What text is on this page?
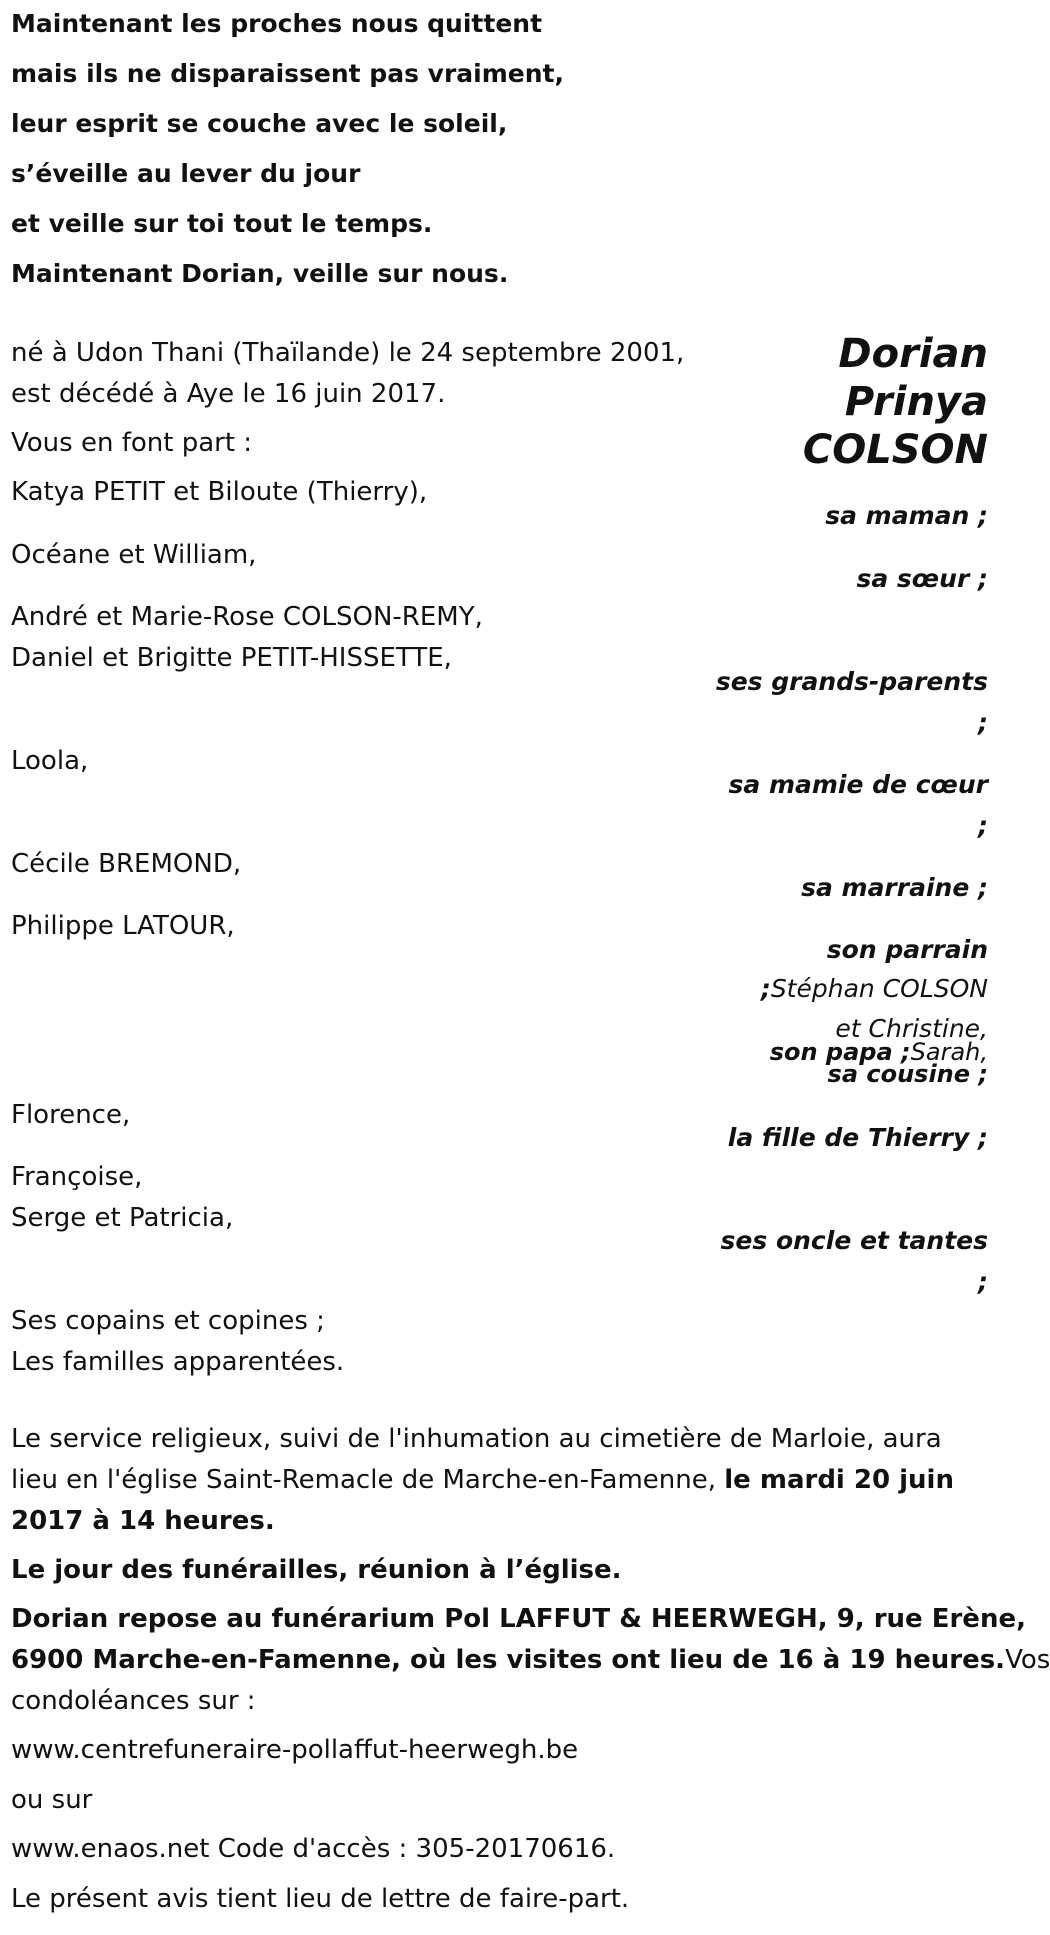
Maintenant les proches nous quittent
mais ils ne disparaissent pas vraiment,
leur esprit se couche avec le soleil,
s’éveille au lever du jour
et veille sur toi tout le temps.
Maintenant Dorian, veille sur nous.
Dorian
Prinya
COLSON
né à Udon Thani (Thaïlande) le 24 septembre 2001,
est décédé à Aye le 16 juin 2017.
Vous en font part :
Katya PETIT et Biloute (Thierry),
sa maman ;
Océane et William,
sa sœur ;
André et Marie-Rose COLSON-REMY,
Daniel et Brigitte PETIT-HISSETTE,
ses grands-parents
;
Loola,
sa mamie de cœur
;
Cécile BREMOND,
sa marraine ;
Philippe LATOUR,
son parrain
;Stéphan COLSON
et Christine,
son papa ;Sarah,
sa cousine ;
Florence,
la fille de Thierry ;
Françoise,
Serge et Patricia,
ses oncle et tantes
;
Ses copains et copines ;
Les familles apparentées.
Le service religieux, suivi de l'inhumation au cimetière de Marloie, aura
lieu en l'église Saint-Remacle de Marche-en-Famenne, le mardi 20 juin
2017 à 14 heures.
Le jour des funérailles, réunion à l’église.
Dorian repose au funérarium Pol LAFFUT & HEERWEGH, 9, rue Erène,
6900 Marche-en-Famenne, où les visites ont lieu de 16 à 19 heures.Vos
condoléances sur :
www.centrefuneraire-pollaffut-heerwegh.be
ou sur
www.enaos.net Code d'accès : 305-20170616.
Le présent avis tient lieu de lettre de faire-part.
